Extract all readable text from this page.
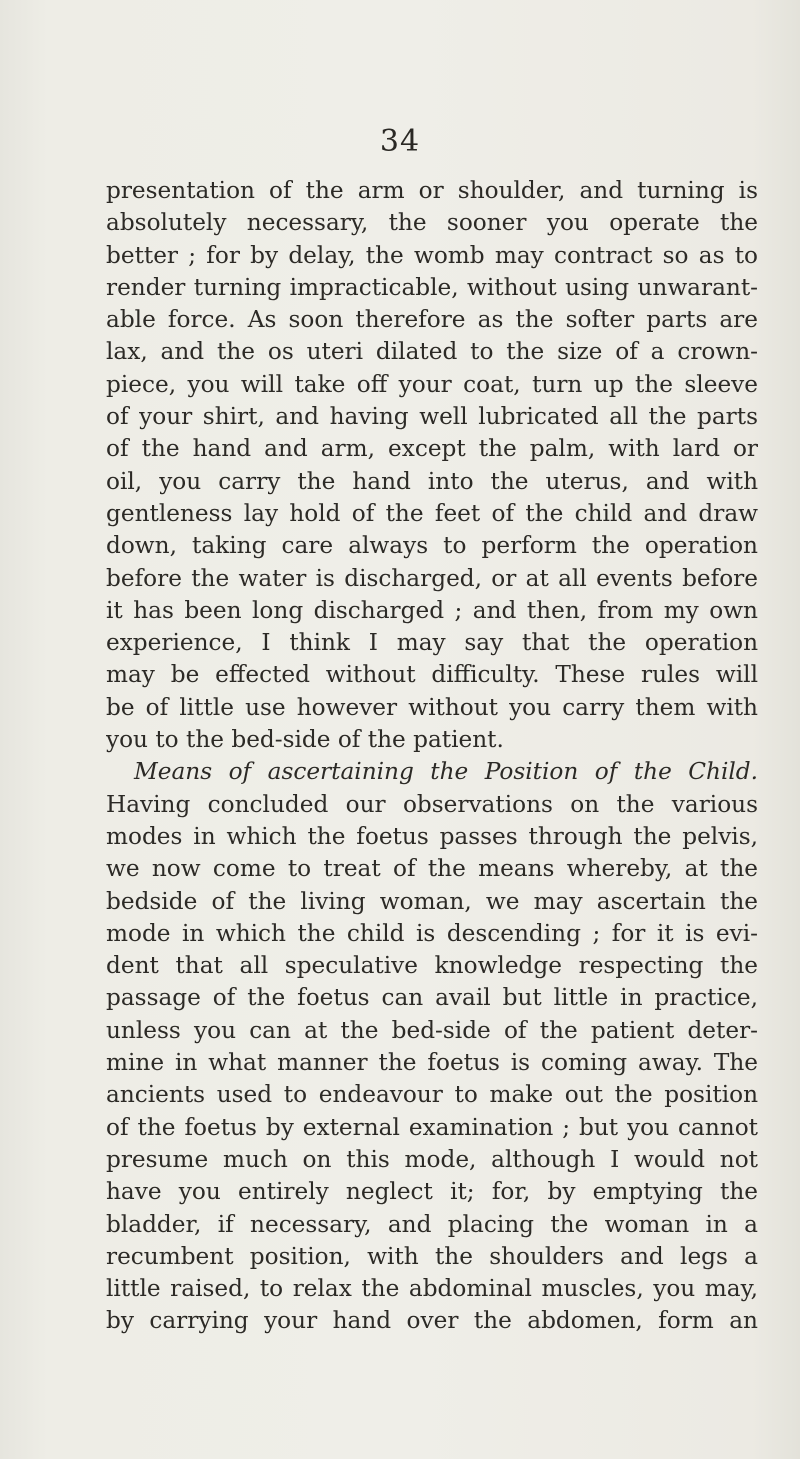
34
presentation of the arm or shoulder, and turning is
absolutely necessary, the sooner you operate the
better ; for by delay, the womb may contract so as to
render turning impracticable, without using unwarant-
able force. As soon therefore as the softer parts are
lax, and the os uteri dilated to the size of a crown-
piece, you will take off your coat, turn up the sleeve
of your shirt, and having well lubricated all the parts
of the hand and arm, except the palm, with lard or
oil, you carry the hand into the uterus, and with
gentleness lay hold of the feet of the child and draw
down, taking care always to perform the operation
before the water is discharged, or at all events before
it has been long discharged ; and then, from my own
experience, I think I may say that the operation
may be effected without difficulty. These rules will
be of little use however without you carry them with
you to the bed-side of the patient.
Means of ascertaining the Position of the Child.
Having concluded our observations on the various
modes in which the foetus passes through the pelvis,
we now come to treat of the means whereby, at the
bedside of the living woman, we may ascertain the
mode in which the child is descending ; for it is evi-
dent that all speculative knowledge respecting the
passage of the foetus can avail but little in practice,
unless you can at the bed-side of the patient deter-
mine in what manner the foetus is coming away. The
ancients used to endeavour to make out the position
of the foetus by external examination ; but you cannot
presume much on this mode, although I would not
have you entirely neglect it; for, by emptying the
bladder, if necessary, and placing the woman in a
recumbent position, with the shoulders and legs a
little raised, to relax the abdominal muscles, you may,
by carrying your hand over the abdomen, form an
